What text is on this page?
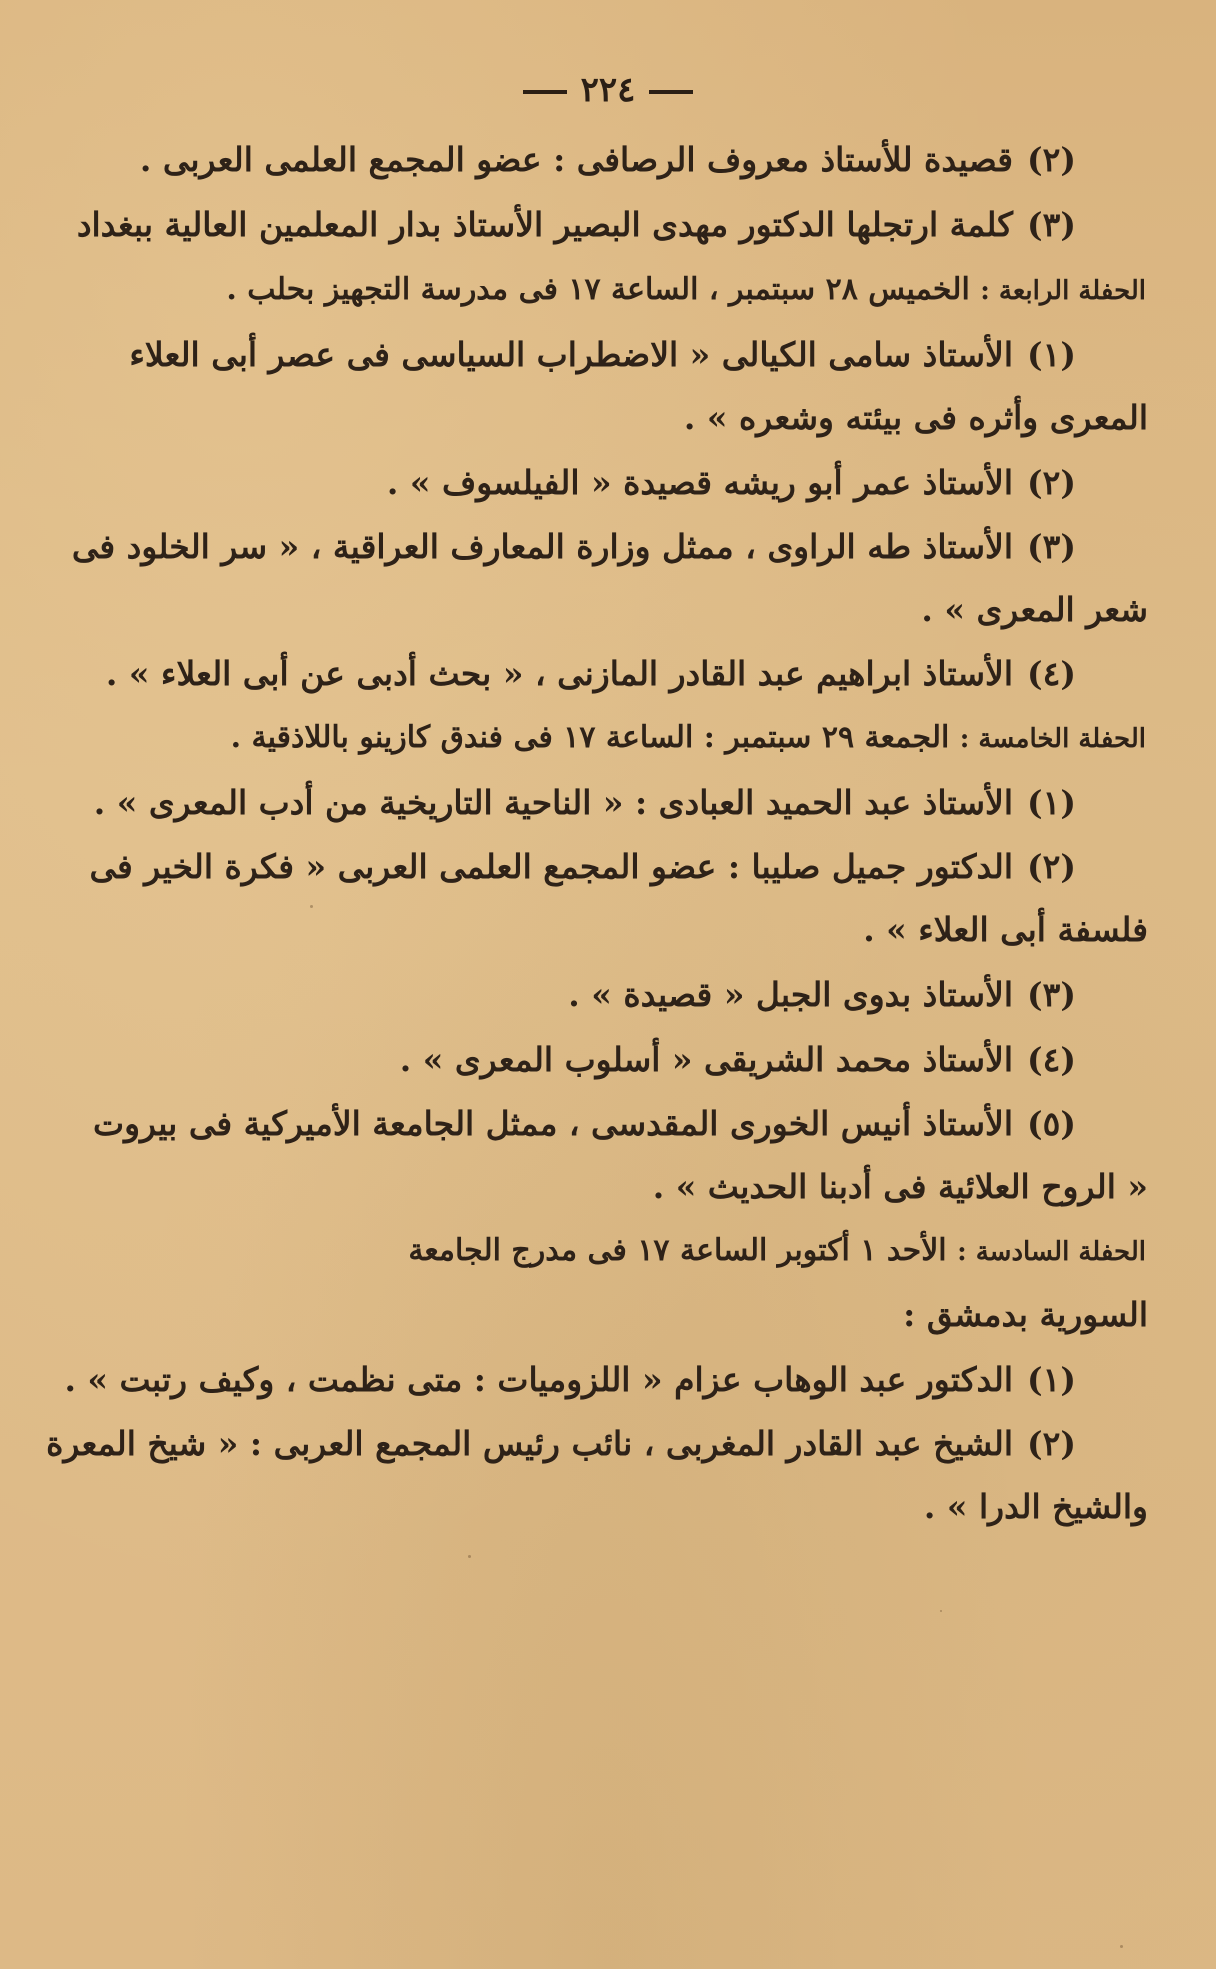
٢٢٤
(٢)قصيدة للأستاذ معروف الرصافى : عضو المجمع العلمى العربى .
(٣)كلمة ارتجلها الدكتور مهدى البصير الأستاذ بدار المعلمين العالية ببغداد
الحفلة الرابعة : الخميس ٢٨ سبتمبر ، الساعة ١٧ فى مدرسة التجهيز بحلب .
(١)الأستاذ سامى الكيالى « الاضطراب السياسى فى عصر أبى العلاء
المعرى وأثره فى بيئته وشعره » .
(٢)الأستاذ عمر أبو ريشه قصيدة « الفيلسوف » .
(٣)الأستاذ طه الراوى ، ممثل وزارة المعارف العراقية ، « سر الخلود فى
شعر المعرى » .
(٤)الأستاذ ابراهيم عبد القادر المازنى ، « بحث أدبى عن أبى العلاء » .
الحفلة الخامسة : الجمعة ٢٩ سبتمبر : الساعة ١٧ فى فندق كازينو باللاذقية .
(١)الأستاذ عبد الحميد العبادى : « الناحية التاريخية من أدب المعرى » .
(٢)الدكتور جميل صليبا : عضو المجمع العلمى العربى « فكرة الخير فى
فلسفة أبى العلاء » .
(٣)الأستاذ بدوى الجبل « قصيدة » .
(٤)الأستاذ محمد الشريقى « أسلوب المعرى » .
(٥)الأستاذ أنيس الخورى المقدسى ، ممثل الجامعة الأميركية فى بيروت
« الروح العلائية فى أدبنا الحديث » .
الحفلة السادسة : الأحد ١ أكتوبر الساعة ١٧ فى مدرج الجامعة
السورية بدمشق :
(١)الدكتور عبد الوهاب عزام « اللزوميات : متى نظمت ، وكيف رتبت » .
(٢)الشيخ عبد القادر المغربى ، نائب رئيس المجمع العربى : « شيخ المعرة
والشيخ الدرا » .
